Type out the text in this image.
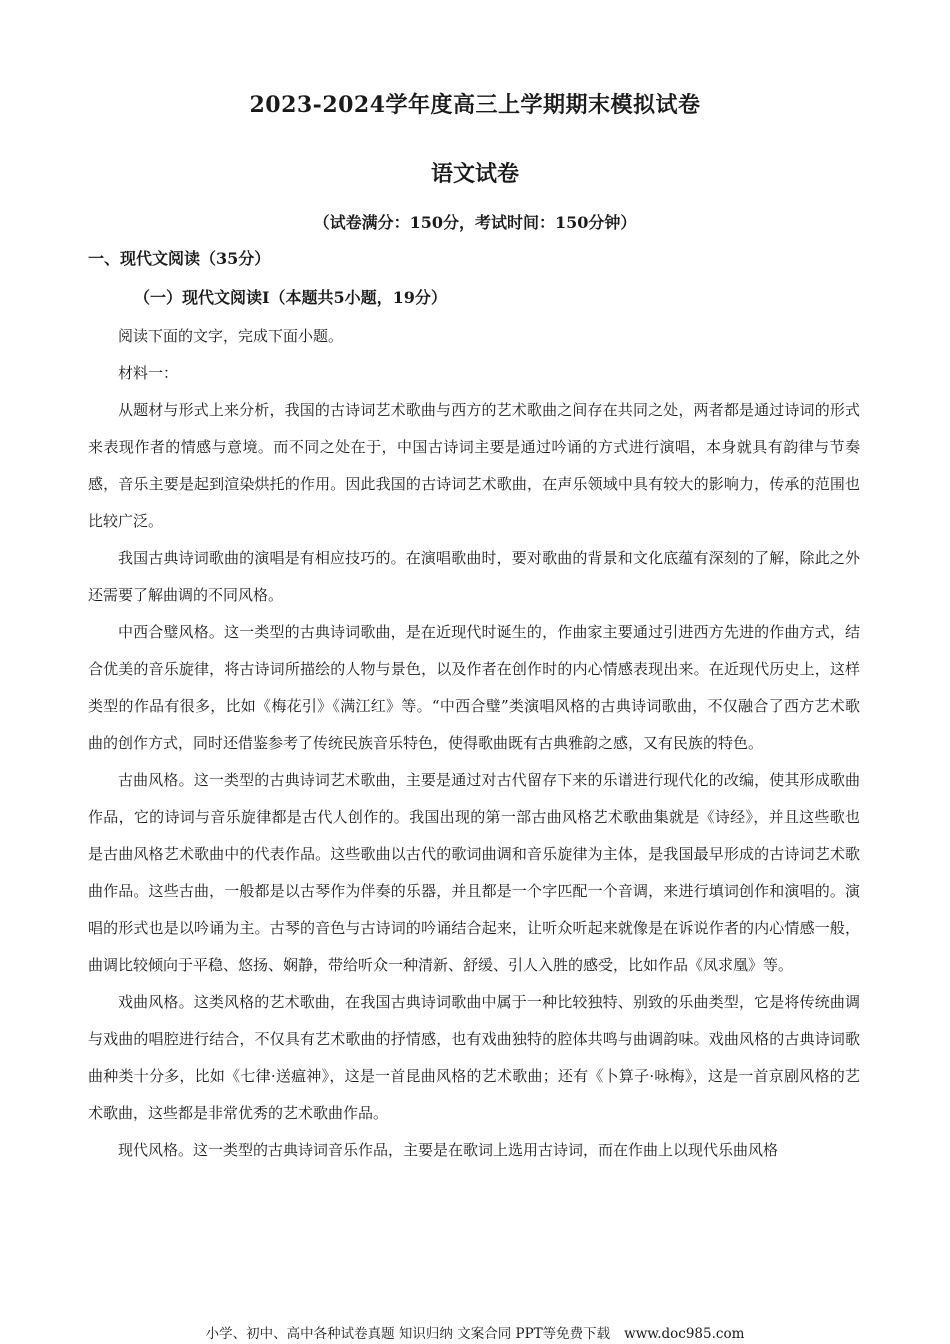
2023-2024学年度高三上学期期末模拟试卷
语文试卷
（试卷满分：150分，考试时间：150分钟）
一、现代文阅读（35分）
（一）现代文阅读Ⅰ（本题共5小题，19分）

阅读下面的文字，完成下面小题。

材料一：

从题材与形式上来分析，我国的古诗词艺术歌曲与西方的艺术歌曲之间存在共同之处，两者都是通过诗词的形式来表现作者的情感与意境。而不同之处在于，中国古诗词主要是通过吟诵的方式进行演唱，本身就具有韵律与节奏感，音乐主要是起到渲染烘托的作用。因此我国的古诗词艺术歌曲，在声乐领域中具有较大的影响力，传承的范围也比较广泛。

我国古典诗词歌曲的演唱是有相应技巧的。在演唱歌曲时，要对歌曲的背景和文化底蕴有深刻的了解，除此之外还需要了解曲调的不同风格。

中西合璧风格。这一类型的古典诗词歌曲，是在近现代时诞生的，作曲家主要通过引进西方先进的作曲方式，结合优美的音乐旋律，将古诗词所描绘的人物与景色，以及作者在创作时的内心情感表现出来。在近现代历史上，这样类型的作品有很多，比如《梅花引》《满江红》等。“中西合璧”类演唱风格的古典诗词歌曲，不仅融合了西方艺术歌曲的创作方式，同时还借鉴参考了传统民族音乐特色，使得歌曲既有古典雅韵之感，又有民族的特色。

古曲风格。这一类型的古典诗词艺术歌曲，主要是通过对古代留存下来的乐谱进行现代化的改编，使其形成歌曲作品，它的诗词与音乐旋律都是古代人创作的。我国出现的第一部古曲风格艺术歌曲集就是《诗经》，并且这些歌也是古曲风格艺术歌曲中的代表作品。这些歌曲以古代的歌词曲调和音乐旋律为主体，是我国最早形成的古诗词艺术歌曲作品。这些古曲，一般都是以古琴作为伴奏的乐器，并且都是一个字匹配一个音调，来进行填词创作和演唱的。演唱的形式也是以吟诵为主。古琴的音色与古诗词的吟诵结合起来，让听众听起来就像是在诉说作者的内心情感一般，曲调比较倾向于平稳、悠扬、娴静，带给听众一种清新、舒缓、引人入胜的感受，比如作品《凤求凰》等。

戏曲风格。这类风格的艺术歌曲，在我国古典诗词歌曲中属于一种比较独特、别致的乐曲类型，它是将传统曲调与戏曲的唱腔进行结合，不仅具有艺术歌曲的抒情感，也有戏曲独特的腔体共鸣与曲调韵味。戏曲风格的古典诗词歌曲种类十分多，比如《七律·送瘟神》，这是一首昆曲风格的艺术歌曲；还有《卜算子·咏梅》，这是一首京剧风格的艺术歌曲，这些都是非常优秀的艺术歌曲作品。

现代风格。这一类型的古典诗词音乐作品，主要是在歌词上选用古诗词，而在作曲上以现代乐曲风格

小学、初中、高中各种试卷真题 知识归纳 文案合同 PPT等免费下载 www.doc985.com
